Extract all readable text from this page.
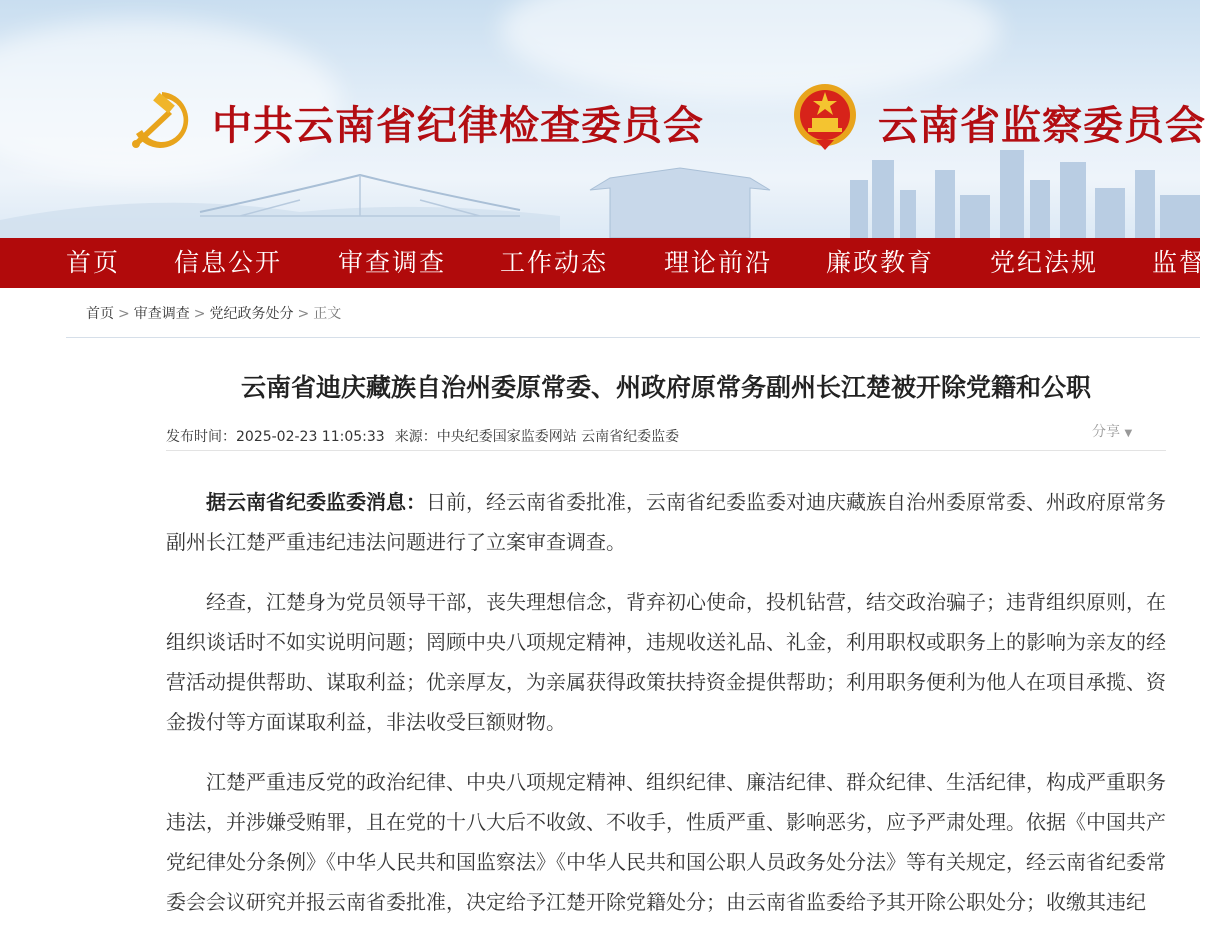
中共云南省纪律检查委员会	云南省监察委员会
首页 信息公开 审查调查 工作动态 理论前沿 廉政教育 党纪法规 监督
首页 > 审查调查 > 党纪政务处分 > 正文
云南省迪庆藏族自治州委原常委、州政府原常务副州长江楚被开除党籍和公职
发布时间：2025-02-23 11:05:33 来源：中央纪委国家监委网站 云南省纪委监委	分享 ▼

据云南省纪委监委消息：日前，经云南省委批准，云南省纪委监委对迪庆藏族自治州委原常委、州政府原常务副州长江楚严重违纪违法问题进行了立案审查调查。

经查，江楚身为党员领导干部，丧失理想信念，背弃初心使命，投机钻营，结交政治骗子；违背组织原则，在组织谈话时不如实说明问题；罔顾中央八项规定精神，违规收送礼品、礼金，利用职权或职务上的影响为亲友的经营活动提供帮助、谋取利益；优亲厚友，为亲属获得政策扶持资金提供帮助；利用职务便利为他人在项目承揽、资金拨付等方面谋取利益，非法收受巨额财物。

江楚严重违反党的政治纪律、中央八项规定精神、组织纪律、廉洁纪律、群众纪律、生活纪律，构成严重职务违法，并涉嫌受贿罪，且在党的十八大后不收敛、不收手，性质严重、影响恶劣，应予严肃处理。依据《中国共产党纪律处分条例》《中华人民共和国监察法》《中华人民共和国公职人员政务处分法》等有关规定，经云南省纪委常委会会议研究并报云南省委批准，决定给予江楚开除党籍处分；由云南省监委给予其开除公职处分；收缴其违纪
